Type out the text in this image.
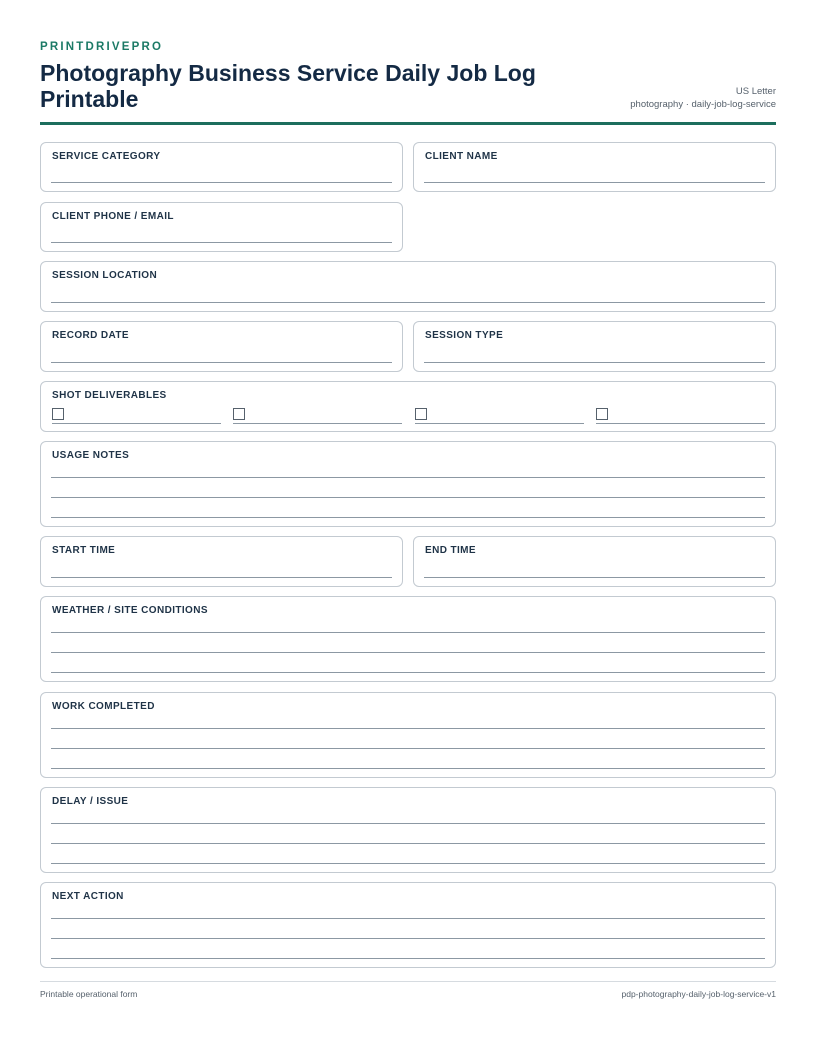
PRINTDRIVEPRO
Photography Business Service Daily Job Log Printable	US Letter
photography · daily-job-log-service
SERVICE CATEGORY	CLIENT NAME
CLIENT PHONE / EMAIL
SESSION LOCATION
RECORD DATE	SESSION TYPE
SHOT DELIVERABLES
USAGE NOTES
START TIME	END TIME
WEATHER / SITE CONDITIONS
WORK COMPLETED
DELAY / ISSUE
NEXT ACTION
Printable operational form	pdp-photography-daily-job-log-service-v1
